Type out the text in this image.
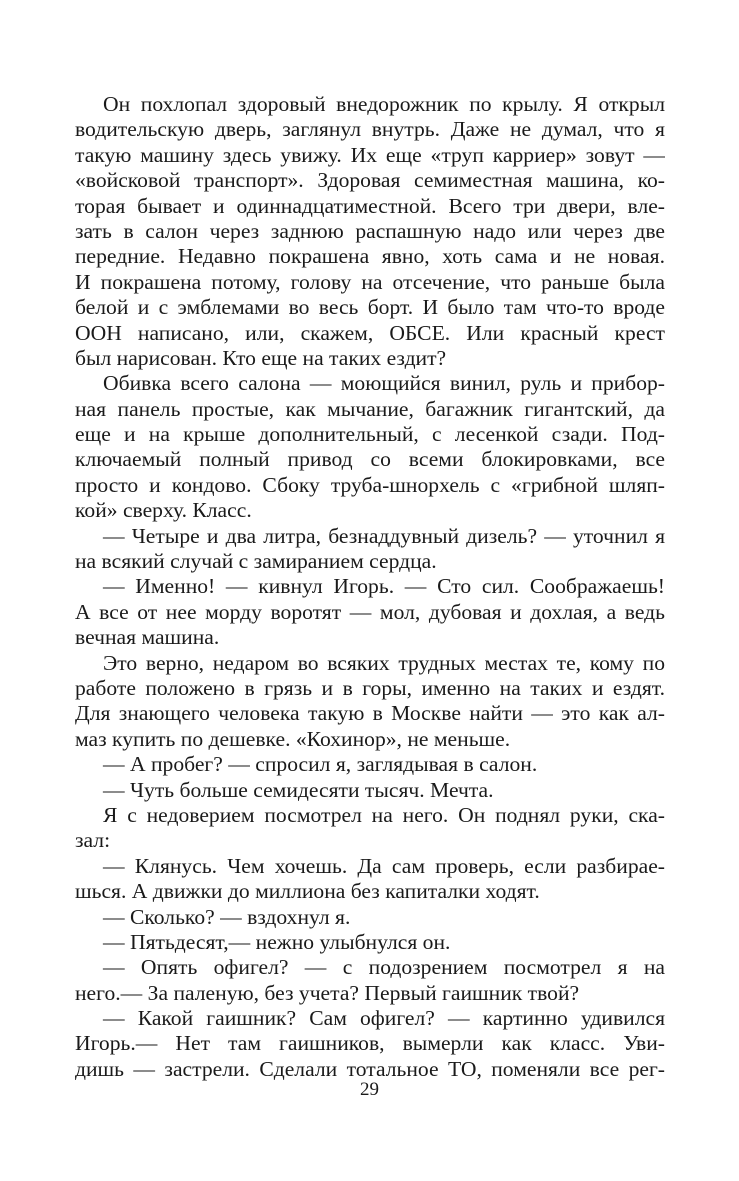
Он похлопал здоровый внедорожник по крылу. Я открыл
водительскую дверь, заглянул внутрь. Даже не думал, что я
такую машину здесь увижу. Их еще «труп карриер» зовут —
«войсковой транспорт». Здоровая семиместная машина, ко-
торая бывает и одиннадцатиместной. Всего три двери, вле-
зать в салон через заднюю распашную надо или через две
передние. Недавно покрашена явно, хоть сама и не новая.
И покрашена потому, голову на отсечение, что раньше была
белой и с эмблемами во весь борт. И было там что-то вроде
ООН написано, или, скажем, ОБСЕ. Или красный крест
был нарисован. Кто еще на таких ездит?
Обивка всего салона — моющийся винил, руль и прибор-
ная панель простые, как мычание, багажник гигантский, да
еще и на крыше дополнительный, с лесенкой сзади. Под-
ключаемый полный привод со всеми блокировками, все
просто и кондово. Сбоку труба-шнорхель с «грибной шляп-
кой» сверху. Класс.
— Четыре и два литра, безнаддувный дизель? — уточнил я
на всякий случай с замиранием сердца.
— Именно! — кивнул Игорь. — Сто сил. Соображаешь!
А все от нее морду воротят — мол, дубовая и дохлая, а ведь
вечная машина.
Это верно, недаром во всяких трудных местах те, кому по
работе положено в грязь и в горы, именно на таких и ездят.
Для знающего человека такую в Москве найти — это как ал-
маз купить по дешевке. «Кохинор», не меньше.
— А пробег? — спросил я, заглядывая в салон.
— Чуть больше семидесяти тысяч. Мечта.
Я с недоверием посмотрел на него. Он поднял руки, ска-
зал:
— Клянусь. Чем хочешь. Да сам проверь, если разбирае-
шься. А движки до миллиона без капиталки ходят.
— Сколько? — вздохнул я.
— Пятьдесят,— нежно улыбнулся он.
— Опять офигел? — с подозрением посмотрел я на
него.— За паленую, без учета? Первый гаишник твой?
— Какой гаишник? Сам офигел? — картинно удивился
Игорь.— Нет там гаишников, вымерли как класс. Уви-
дишь — застрели. Сделали тотальное ТО, поменяли все рег-
29
